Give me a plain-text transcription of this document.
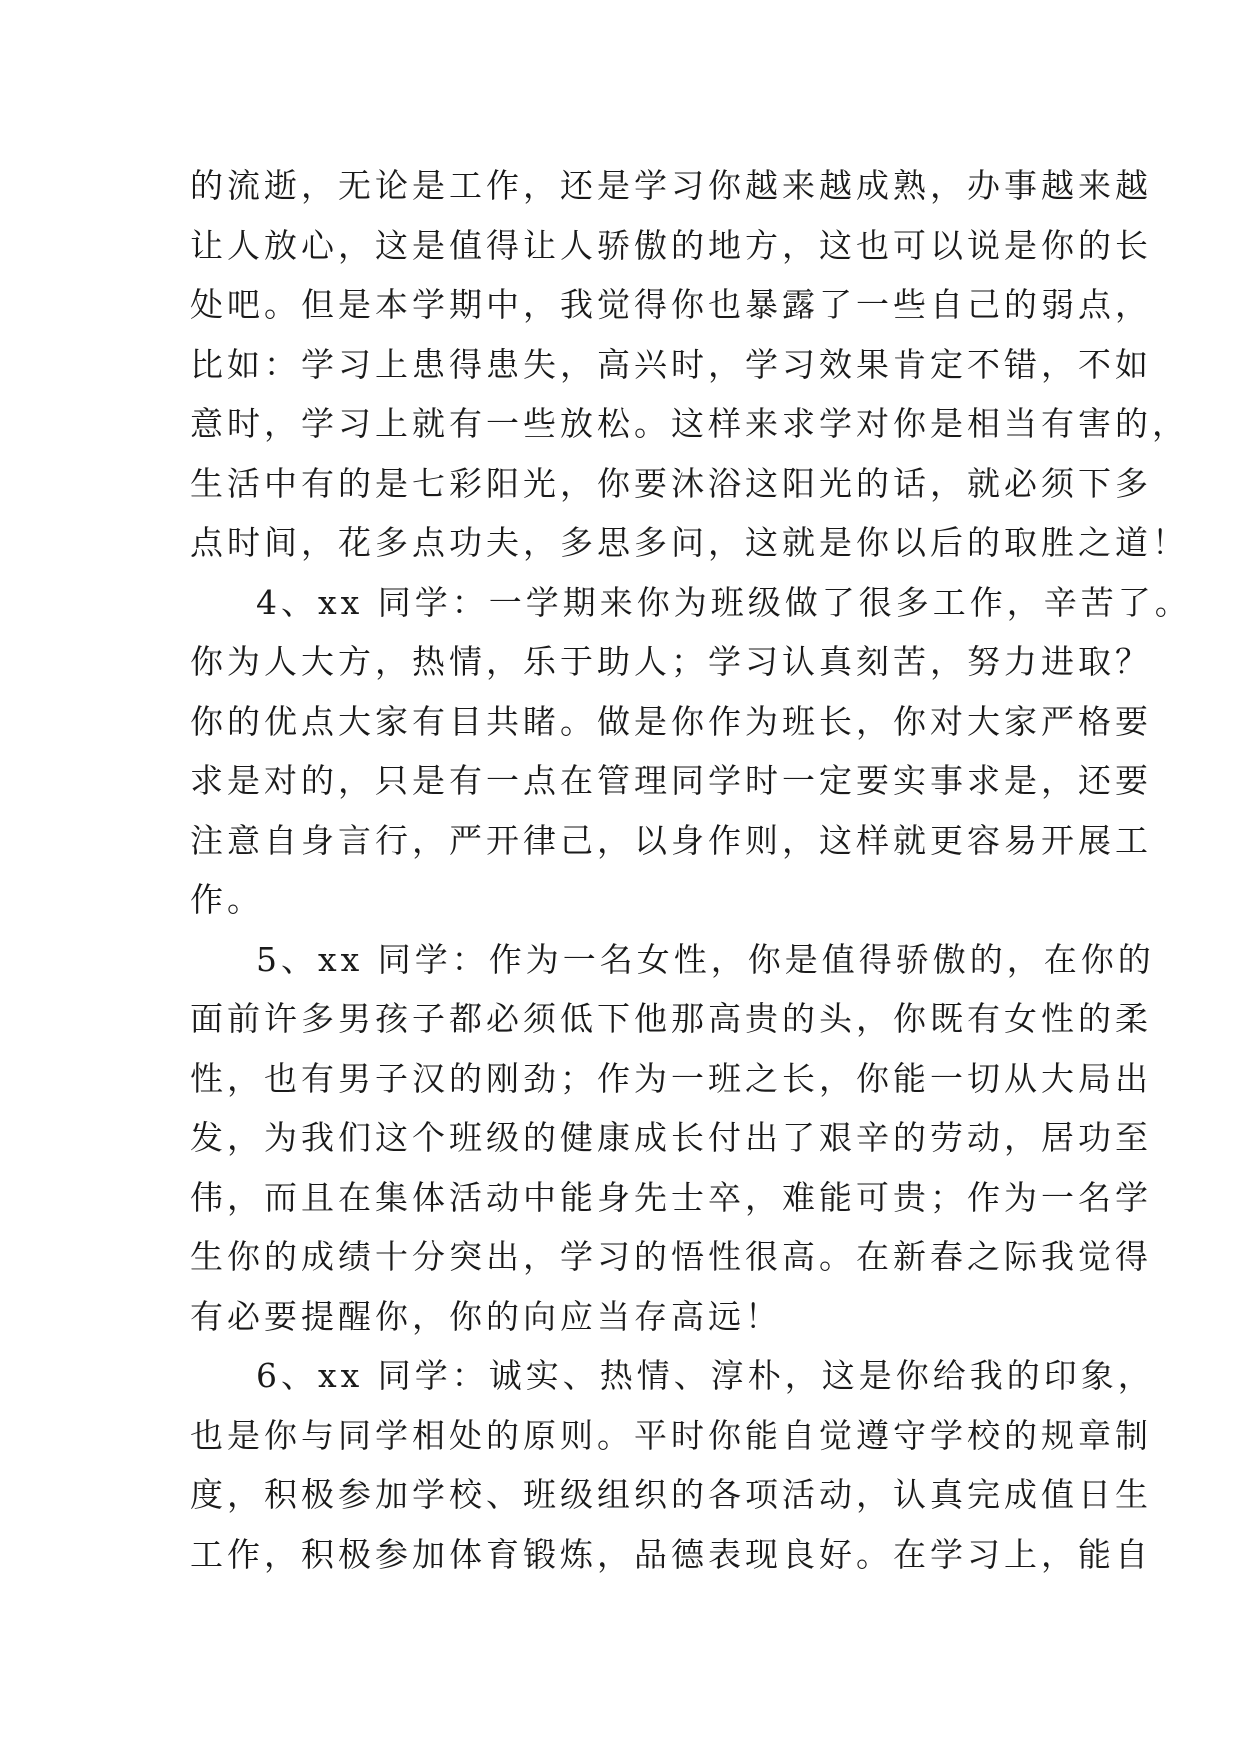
的流逝，无论是工作，还是学习你越来越成熟，办事越来越
让人放心，这是值得让人骄傲的地方，这也可以说是你的长
处吧。但是本学期中，我觉得你也暴露了一些自己的弱点，
比如：学习上患得患失，高兴时，学习效果肯定不错，不如
意时，学习上就有一些放松。这样来求学对你是相当有害的，
生活中有的是七彩阳光，你要沐浴这阳光的话，就必须下多
点时间，花多点功夫，多思多问，这就是你以后的取胜之道！
4、xx 同学：一学期来你为班级做了很多工作，辛苦了。
你为人大方，热情，乐于助人；学习认真刻苦，努力进取？
你的优点大家有目共睹。做是你作为班长，你对大家严格要
求是对的，只是有一点在管理同学时一定要实事求是，还要
注意自身言行，严开律己，以身作则，这样就更容易开展工
作。
5、xx 同学：作为一名女性，你是值得骄傲的，在你的
面前许多男孩子都必须低下他那高贵的头，你既有女性的柔
性，也有男子汉的刚劲；作为一班之长，你能一切从大局出
发，为我们这个班级的健康成长付出了艰辛的劳动，居功至
伟，而且在集体活动中能身先士卒，难能可贵；作为一名学
生你的成绩十分突出，学习的悟性很高。在新春之际我觉得
有必要提醒你，你的向应当存高远！
6、xx 同学：诚实、热情、淳朴，这是你给我的印象，
也是你与同学相处的原则。平时你能自觉遵守学校的规章制
度，积极参加学校、班级组织的各项活动，认真完成值日生
工作，积极参加体育锻炼，品德表现良好。在学习上，能自
